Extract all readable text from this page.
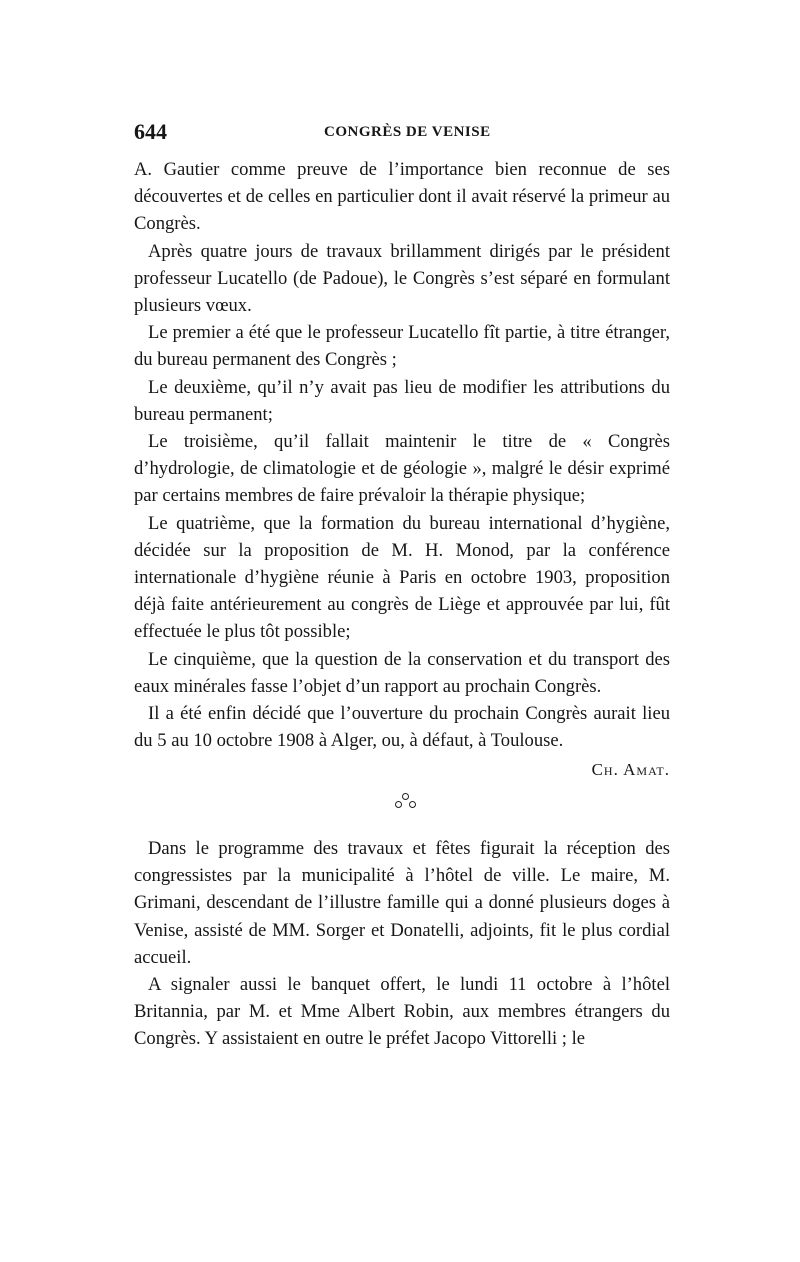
644	CONGRÈS DE VENISE

A. Gautier comme preuve de l’importance bien reconnue de ses découvertes et de celles en particulier dont il avait réservé la primeur au Congrès.

Après quatre jours de travaux brillamment dirigés par le président professeur Lucatello (de Padoue), le Congrès s’est séparé en formulant plusieurs vœux.

Le premier a été que le professeur Lucatello fît partie, à titre étranger, du bureau permanent des Congrès ;

Le deuxième, qu’il n’y avait pas lieu de modifier les attributions du bureau permanent;

Le troisième, qu’il fallait maintenir le titre de « Congrès d’hydrologie, de climatologie et de géologie », malgré le désir exprimé par certains membres de faire prévaloir la thérapie physique;

Le quatrième, que la formation du bureau international d’hygiène, décidée sur la proposition de M. H. Monod, par la conférence internationale d’hygiène réunie à Paris en octobre 1903, proposition déjà faite antérieurement au congrès de Liège et approuvée par lui, fût effectuée le plus tôt possible;

Le cinquième, que la question de la conservation et du transport des eaux minérales fasse l’objet d’un rapport au prochain Congrès.

Il a été enfin décidé que l’ouverture du prochain Congrès aurait lieu du 5 au 10 octobre 1908 à Alger, ou, à défaut, à Toulouse.

Ch. Amat.

Dans le programme des travaux et fêtes figurait la réception des congressistes par la municipalité à l’hôtel de ville. Le maire, M. Grimani, descendant de l’illustre famille qui a donné plusieurs doges à Venise, assisté de MM. Sorger et Donatelli, adjoints, fit le plus cordial accueil.

A signaler aussi le banquet offert, le lundi 11 octobre à l’hôtel Britannia, par M. et Mme Albert Robin, aux membres étrangers du Congrès. Y assistaient en outre le préfet Jacopo Vittorelli ; le
